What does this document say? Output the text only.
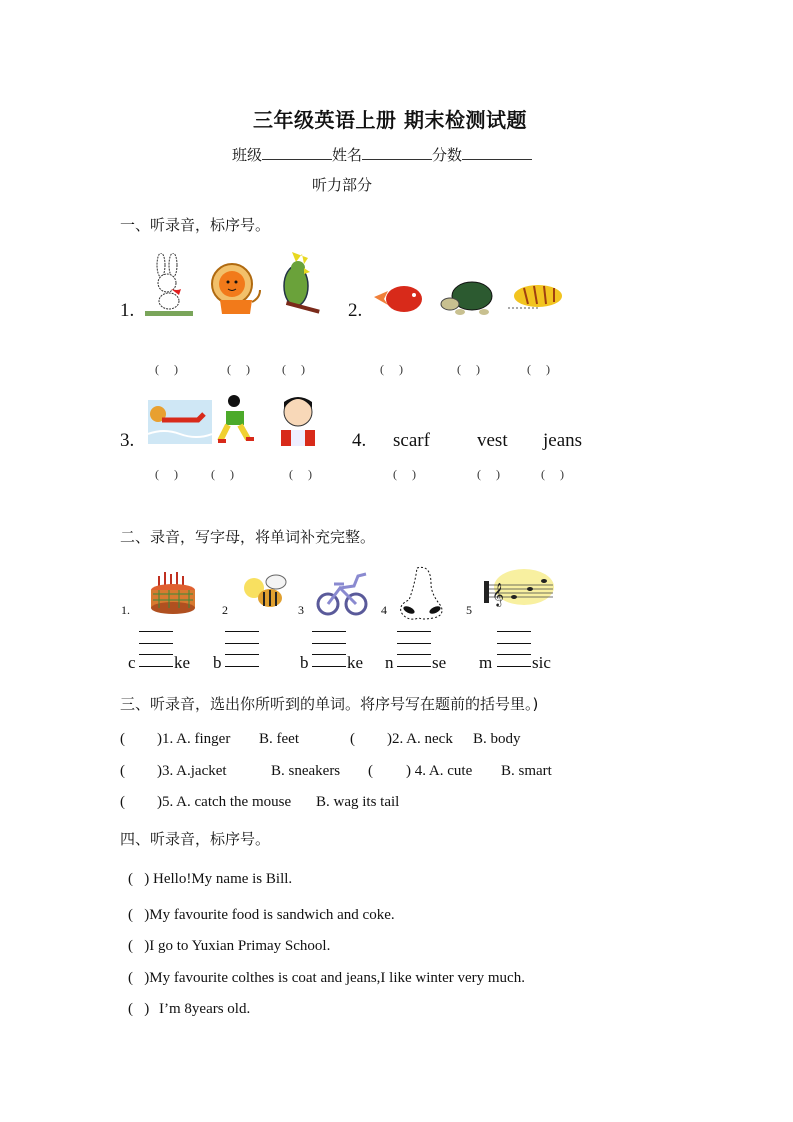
三年级英语上册 期末检测试题
班级	姓名	分数
听力部分
一、听录音，标序号。
1.
( )	( ) ( )
2.
( )	( )	( )
3.
( ) ( )	( )
4. scarf vest jeans
( )	( )	( )
二、录音，写字母，将单词补充完整。
1.	2	3	4	5
𝄞
c ke b	b ke n se m sic
三、听录音，选出你所听到的单词。将序号写在题前的括号里。)
( )1. A. finger B. feet	( )2. A. neck B. body
( )3. A.jacket	B. sneakers ( ) 4. A. cute B. smart
( )5. A. catch the mouse B. wag its tail
四、听录音，标序号。
(   ) Hello!My name is Bill.
(   )My favourite food is sandwich and coke.
(   )I go to Yuxian Primay School.
(   )My favourite colthes is coat and jeans,I like winter very much.
(   ) I’m 8years old.
